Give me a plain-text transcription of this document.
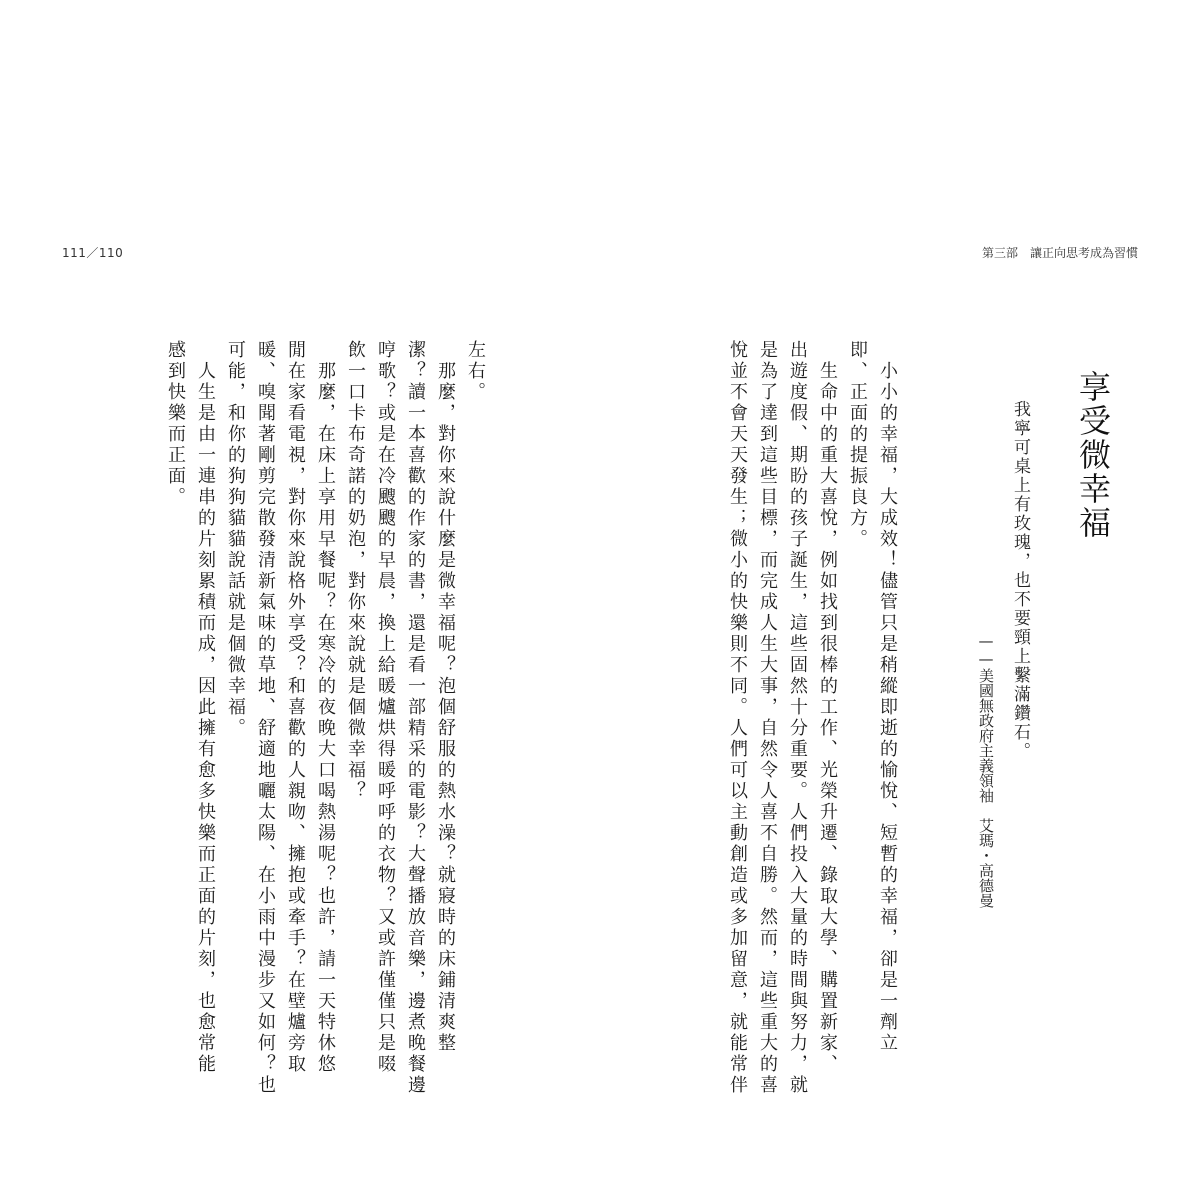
111／110	第三部 讓正向思考成為習慣
享受微幸福
我寧可桌上有玫瑰，也不要頸上繫滿鑽石。
——美國無政府主義領袖　艾瑪・高德曼
　小小的幸福，大成效！儘管只是稍縱即逝的愉悅、短暫的幸福，卻是一劑立
即、正面的提振良方。
　生命中的重大喜悅，例如找到很棒的工作、光榮升遷、錄取大學、購置新家、
出遊度假、期盼的孩子誕生，這些固然十分重要。人們投入大量的時間與努力，就
是為了達到這些目標，而完成人生大事，自然令人喜不自勝。然而，這些重大的喜
悅並不會天天發生；微小的快樂則不同。人們可以主動創造或多加留意，就能常伴
左右。
　那麼，對你來說什麼是微幸福呢？泡個舒服的熱水澡？就寢時的床鋪清爽整
潔？讀一本喜歡的作家的書，還是看一部精采的電影？大聲播放音樂，邊煮晚餐邊
哼歌？或是在冷颼颼的早晨，換上給暖爐烘得暖呼呼的衣物？又或許僅僅只是啜
飲一口卡布奇諾的奶泡，對你來說就是個微幸福？
　那麼，在床上享用早餐呢？在寒冷的夜晚大口喝熱湯呢？也許，請一天特休悠
閒在家看電視，對你來說格外享受？和喜歡的人親吻、擁抱或牽手？在壁爐旁取
暖、嗅聞著剛剪完散發清新氣味的草地、舒適地曬太陽、在小雨中漫步又如何？也
可能，和你的狗狗貓貓說話就是個微幸福。
　人生是由一連串的片刻累積而成，因此擁有愈多快樂而正面的片刻，也愈常能
感到快樂而正面。
